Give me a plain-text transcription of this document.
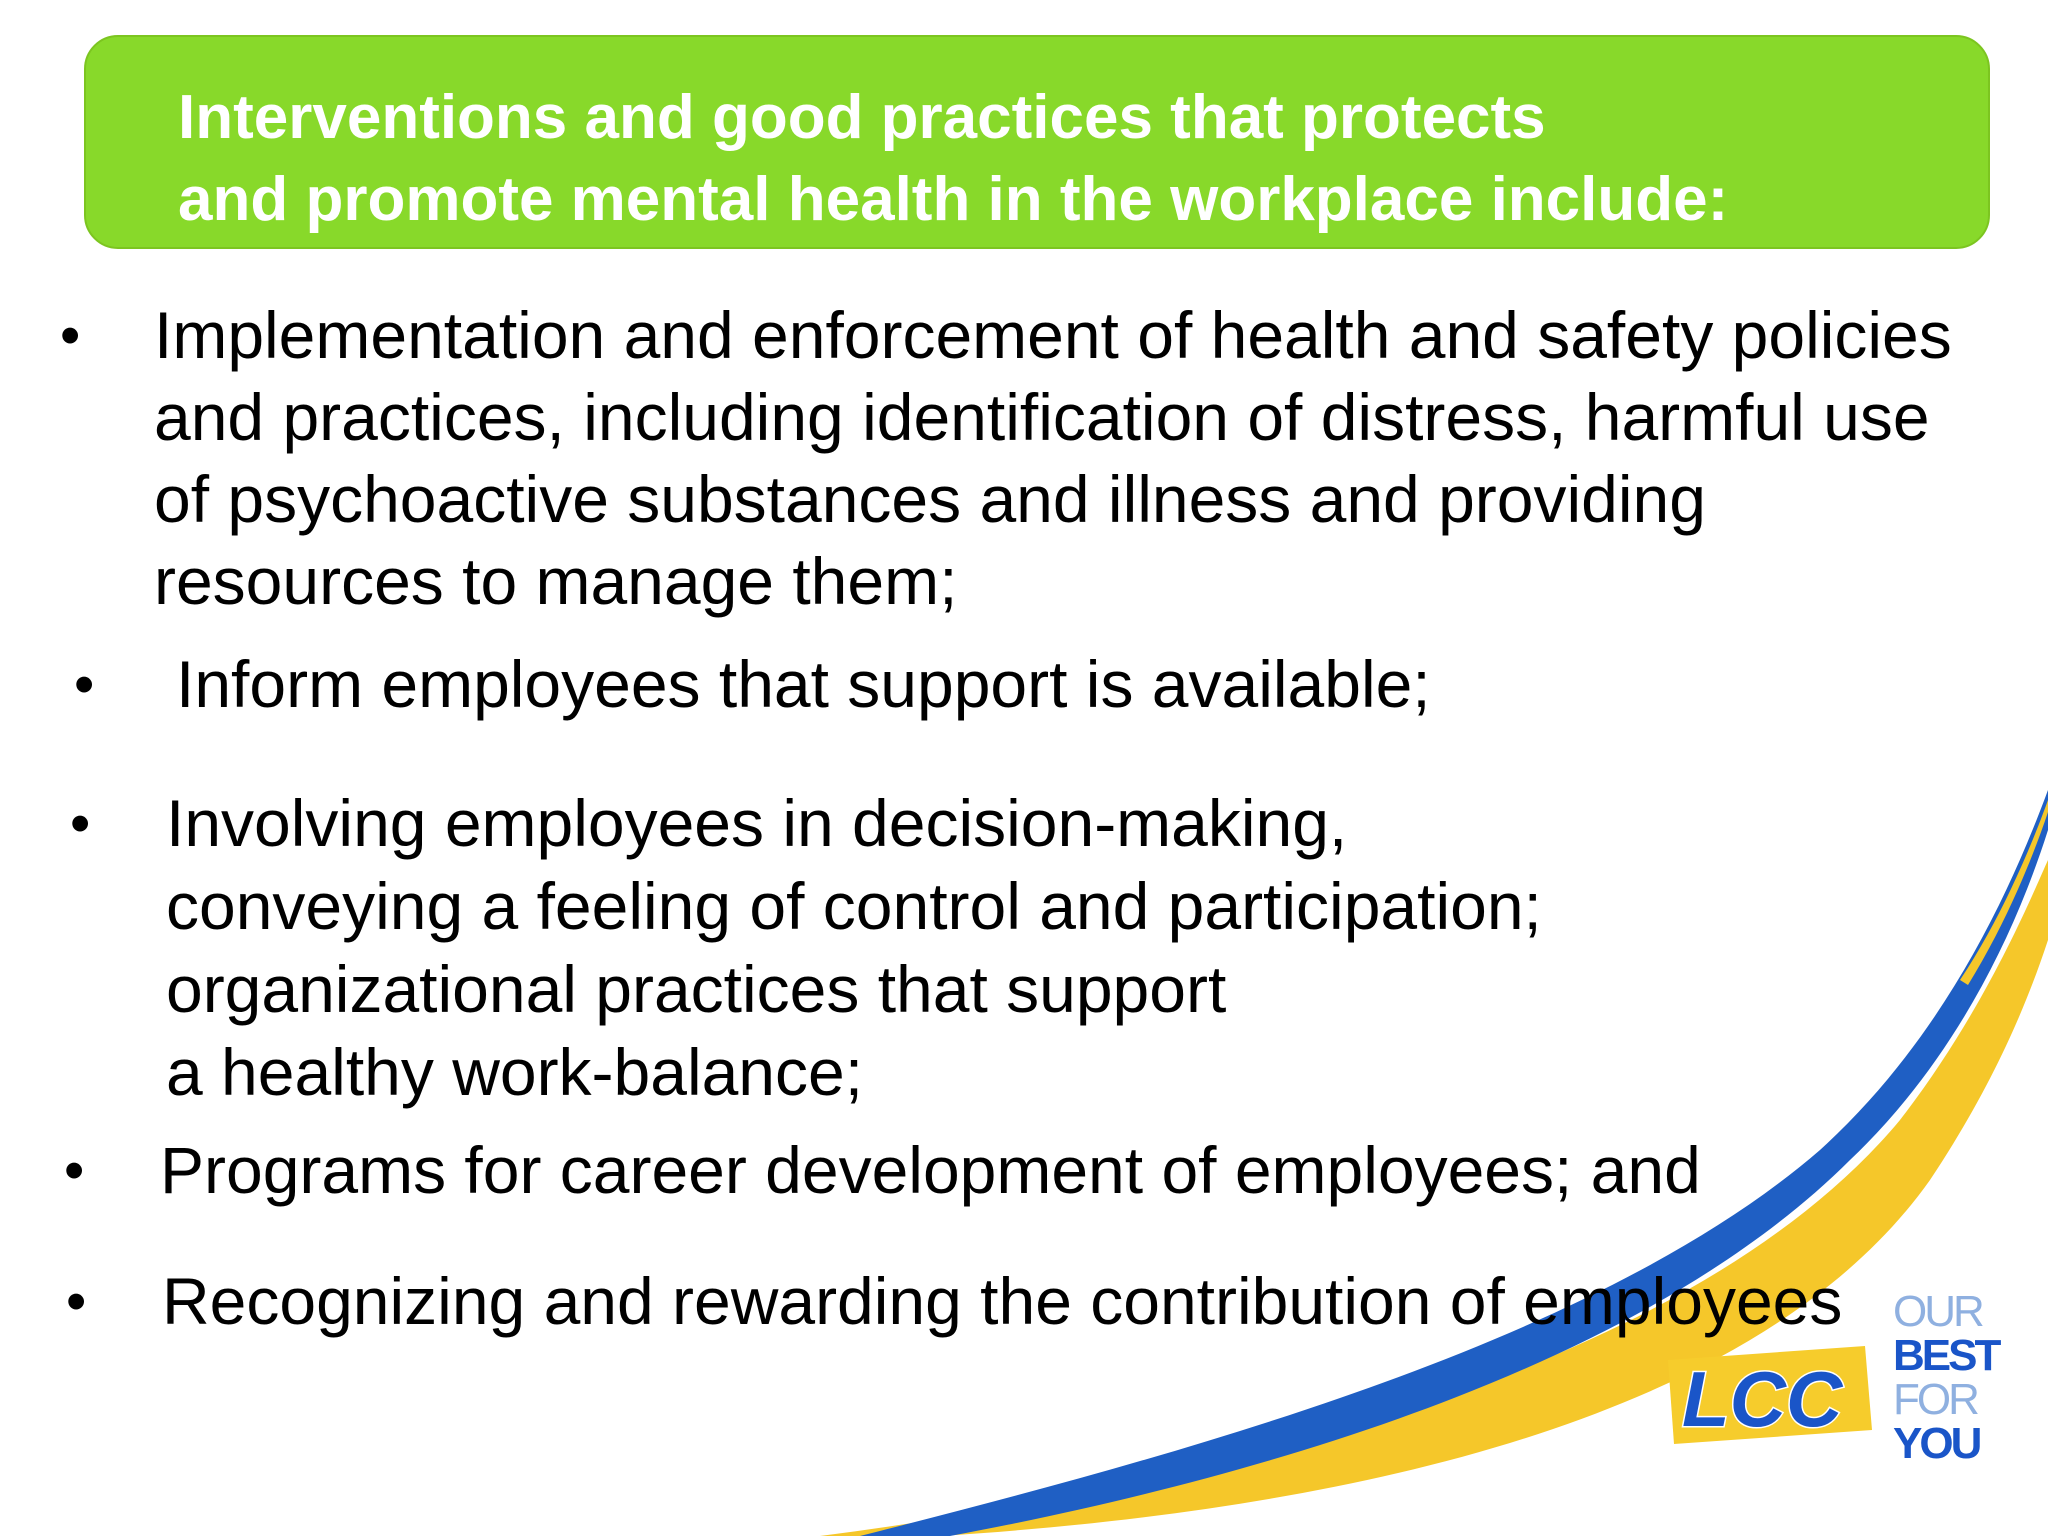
Interventions and good practices that protects
and promote mental health in the workplace include:
• Implementation and enforcement of health and safety policies
and practices, including identification of distress, harmful use
of psychoactive substances and illness and providing
resources to manage them;
• Inform employees that support is available;
• Involving employees in decision-making,
conveying a feeling of control and participation;
organizational practices that support
a healthy work-balance;
• Programs for career development of employees; and
• Recognizing and rewarding the contribution of employees
LCC
OUR
BEST
FOR
YOU
